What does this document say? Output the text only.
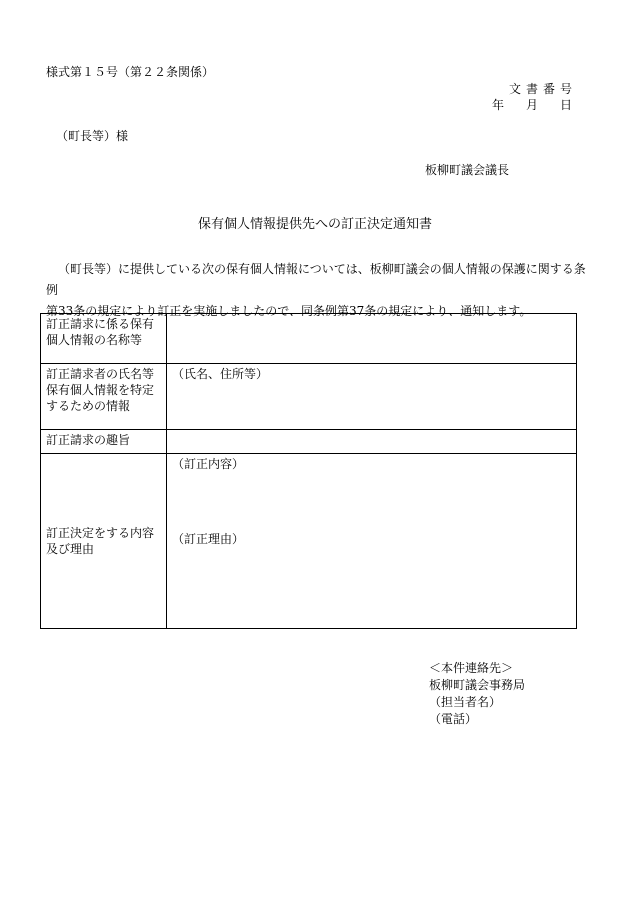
様式第１５号（第２２条関係）
文書番号
年　月　日
（町長等）様
板柳町議会議長
保有個人情報提供先への訂正決定通知書

（町長等）に提供している次の保有個人情報については、板柳町議会の個人情報の保護に関する条例

第33条の規定により訂正を実施しましたので、同条例第37条の規定により、通知します。

訂正請求に係る保有個人情報の名称等	
訂正請求者の氏名等保有個人情報を特定するための情報	（氏名、住所等）
訂正請求の趣旨	
訂正決定をする内容及び理由	（訂正内容）
（訂正理由）
＜本件連絡先＞
板柳町議会事務局
（担当者名）
（電話）
